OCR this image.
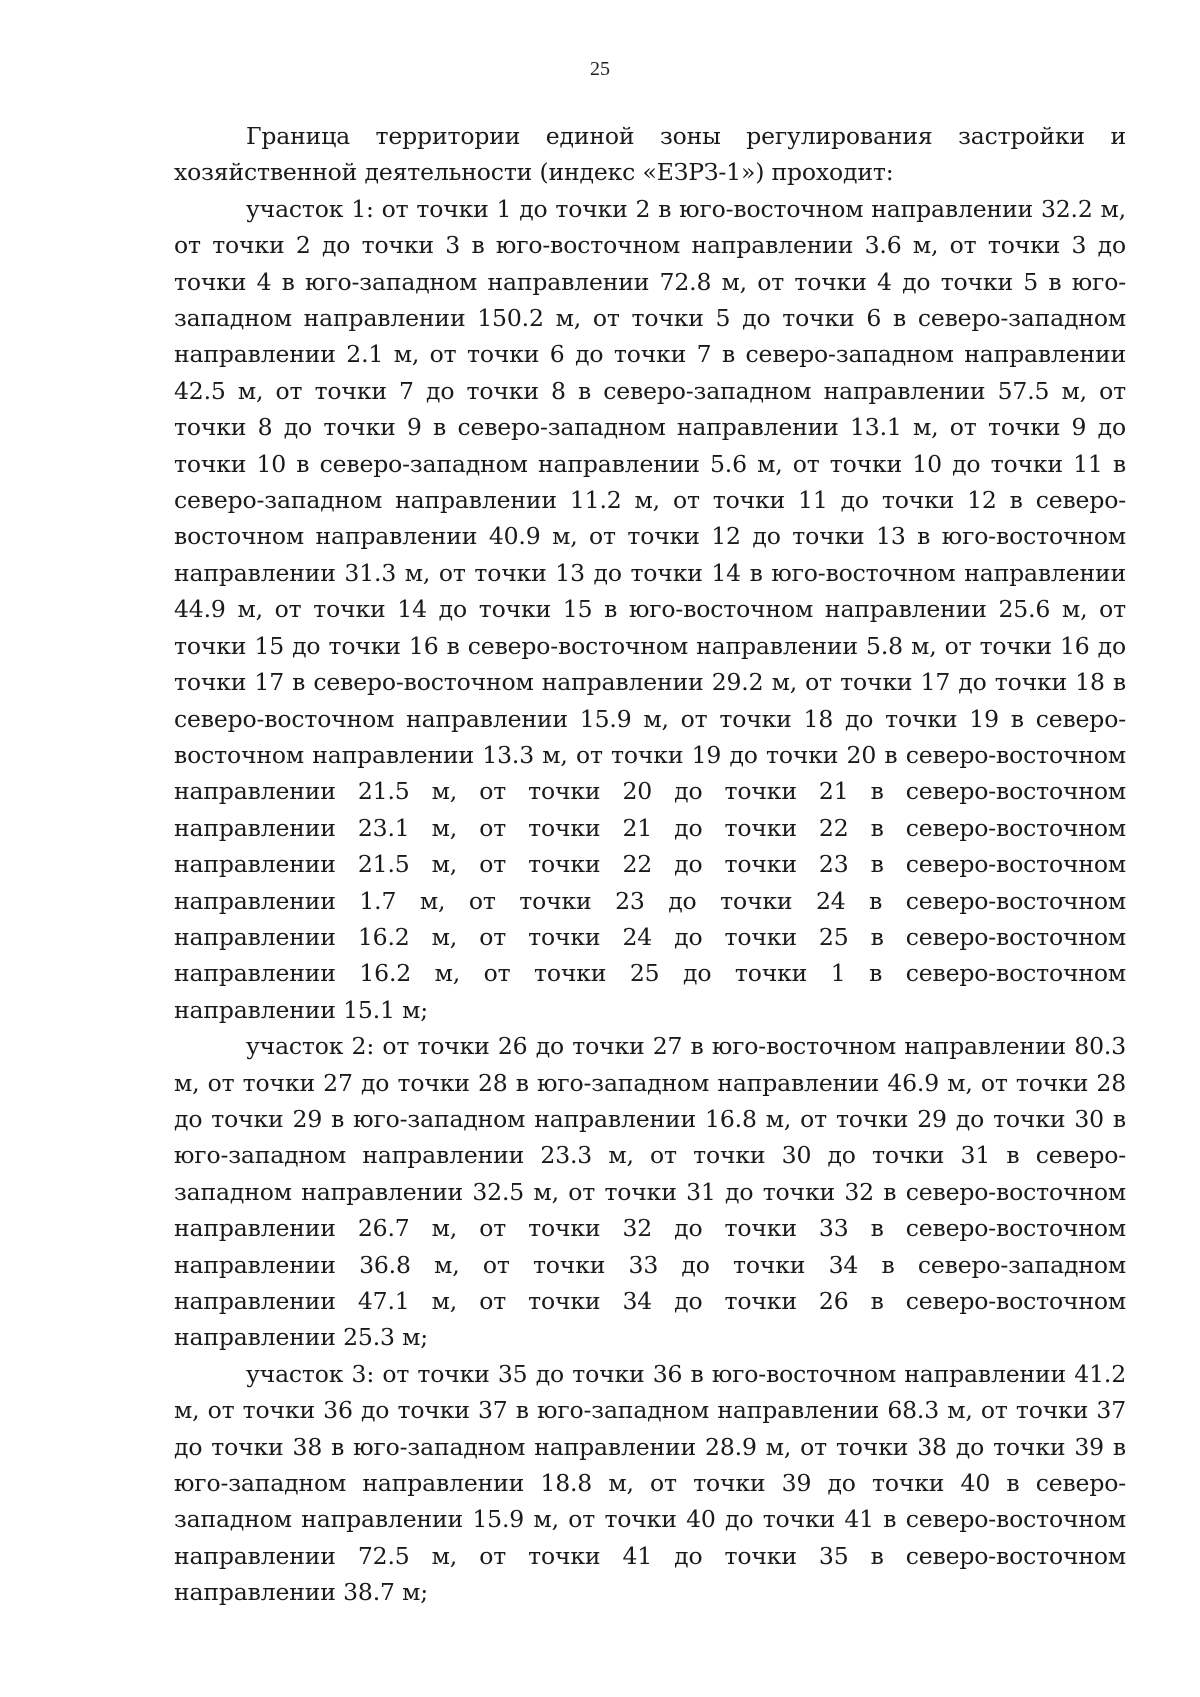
25

Граница территории единой зоны регулирования застройки и хозяйственной деятельности (индекс «ЕЗРЗ-1») проходит:

участок 1: от точки 1 до точки 2 в юго-восточном направлении 32.2 м, от точки 2 до точки 3 в юго-восточном направлении 3.6 м, от точки 3 до точки 4 в юго-западном направлении 72.8 м, от точки 4 до точки 5 в юго-западном направлении 150.2 м, от точки 5 до точки 6 в северо-западном направлении 2.1 м, от точки 6 до точки 7 в северо-западном направлении 42.5 м, от точки 7 до точки 8 в северо-западном направлении 57.5 м, от точки 8 до точки 9 в северо-западном направлении 13.1 м, от точки 9 до точки 10 в северо-западном направлении 5.6 м, от точки 10 до точки 11 в северо-западном направлении 11.2 м, от точки 11 до точки 12 в северо-восточном направлении 40.9 м, от точки 12 до точки 13 в юго-восточном направлении 31.3 м, от точки 13 до точки 14 в юго-восточном направлении 44.9 м, от точки 14 до точки 15 в юго-восточном направлении 25.6 м, от точки 15 до точки 16 в северо-восточном направлении 5.8 м, от точки 16 до точки 17 в северо-восточном направлении 29.2 м, от точки 17 до точки 18 в северо-восточном направлении 15.9 м, от точки 18 до точки 19 в северо-восточном направлении 13.3 м, от точки 19 до точки 20 в северо-восточном направлении 21.5 м, от точки 20 до точки 21 в северо-восточном направлении 23.1 м, от точки 21 до точки 22 в северо-восточном направлении 21.5 м, от точки 22 до точки 23 в северо-восточном направлении 1.7 м, от точки 23 до точки 24 в северо-восточном направлении 16.2 м, от точки 24 до точки 25 в северо-восточном направлении 16.2 м, от точки 25 до точки 1 в северо-восточном направлении 15.1 м;

участок 2: от точки 26 до точки 27 в юго-восточном направлении 80.3 м, от точки 27 до точки 28 в юго-западном направлении 46.9 м, от точки 28 до точки 29 в юго-западном направлении 16.8 м, от точки 29 до точки 30 в юго-западном направлении 23.3 м, от точки 30 до точки 31 в северо-западном направлении 32.5 м, от точки 31 до точки 32 в северо-восточном направлении 26.7 м, от точки 32 до точки 33 в северо-восточном направлении 36.8 м, от точки 33 до точки 34 в северо-западном направлении 47.1 м, от точки 34 до точки 26 в северо-восточном направлении 25.3 м;

участок 3: от точки 35 до точки 36 в юго-восточном направлении 41.2 м, от точки 36 до точки 37 в юго-западном направлении 68.3 м, от точки 37 до точки 38 в юго-западном направлении 28.9 м, от точки 38 до точки 39 в юго-западном направлении 18.8 м, от точки 39 до точки 40 в северо-западном направлении 15.9 м, от точки 40 до точки 41 в северо-восточном направлении 72.5 м, от точки 41 до точки 35 в северо-восточном направлении 38.7 м;
